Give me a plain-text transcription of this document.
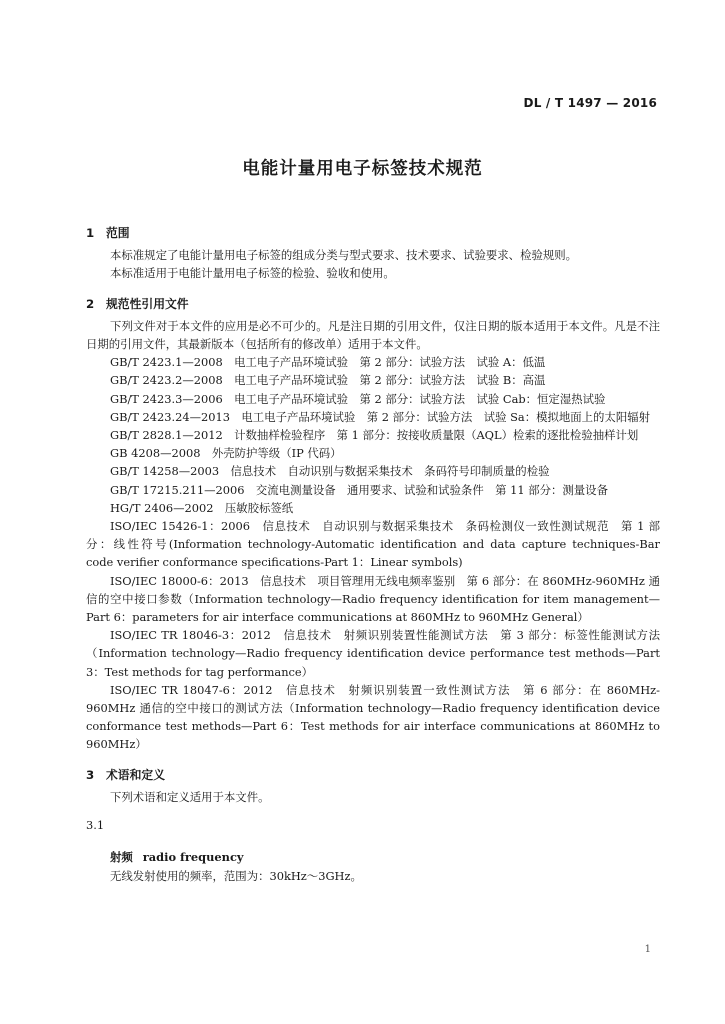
DL / T 1497 — 2016
电能计量用电子标签技术规范
1 范围

本标准规定了电能计量用电子标签的组成分类与型式要求、技术要求、试验要求、检验规则。

本标准适用于电能计量用电子标签的检验、验收和使用。

2 规范性引用文件

下列文件对于本文件的应用是必不可少的。凡是注日期的引用文件，仅注日期的版本适用于本文件。凡是不注日期的引用文件，其最新版本（包括所有的修改单）适用于本文件。

GB/T 2423.1—2008　电工电子产品环境试验　第 2 部分：试验方法　试验 A：低温

GB/T 2423.2—2008　电工电子产品环境试验　第 2 部分：试验方法　试验 B：高温

GB/T 2423.3—2006　电工电子产品环境试验　第 2 部分：试验方法　试验 Cab：恒定湿热试验

GB/T 2423.24—2013　电工电子产品环境试验　第 2 部分：试验方法　试验 Sa：模拟地面上的太阳辐射

GB/T 2828.1—2012　计数抽样检验程序　第 1 部分：按接收质量限（AQL）检索的逐批检验抽样计划

GB 4208—2008　外壳防护等级（IP 代码）

GB/T 14258—2003　信息技术　自动识别与数据采集技术　条码符号印制质量的检验

GB/T 17215.211—2006　交流电测量设备　通用要求、试验和试验条件　第 11 部分：测量设备

HG/T 2406—2002　压敏胶标签纸

ISO/IEC 15426-1：2006　信息技术　自动识别与数据采集技术　条码检测仪一致性测试规范　第 1 部分：线性符号(Information technology-Automatic identification and data capture techniques-Bar code verifier conformance specifications-Part 1：Linear symbols)

ISO/IEC 18000-6：2013　信息技术　项目管理用无线电频率鉴别　第 6 部分：在 860MHz-960MHz 通信的空中接口参数（Information technology—Radio frequency identification for item management—Part 6：parameters for air interface communications at 860MHz to 960MHz General）

ISO/IEC TR 18046-3：2012　信息技术　射频识别装置性能测试方法　第 3 部分：标签性能测试方法（Information technology—Radio frequency identification device performance test methods—Part 3：Test methods for tag performance）

ISO/IEC TR 18047-6：2012　信息技术　射频识别装置一致性测试方法　第 6 部分：在 860MHz-960MHz 通信的空中接口的测试方法（Information technology—Radio frequency identification device conformance test methods—Part 6：Test methods for air interface communications at 860MHz to 960MHz）

3 术语和定义

下列术语和定义适用于本文件。

3.1

射频 radio frequency

无线发射使用的频率，范围为：30kHz～3GHz。

1
